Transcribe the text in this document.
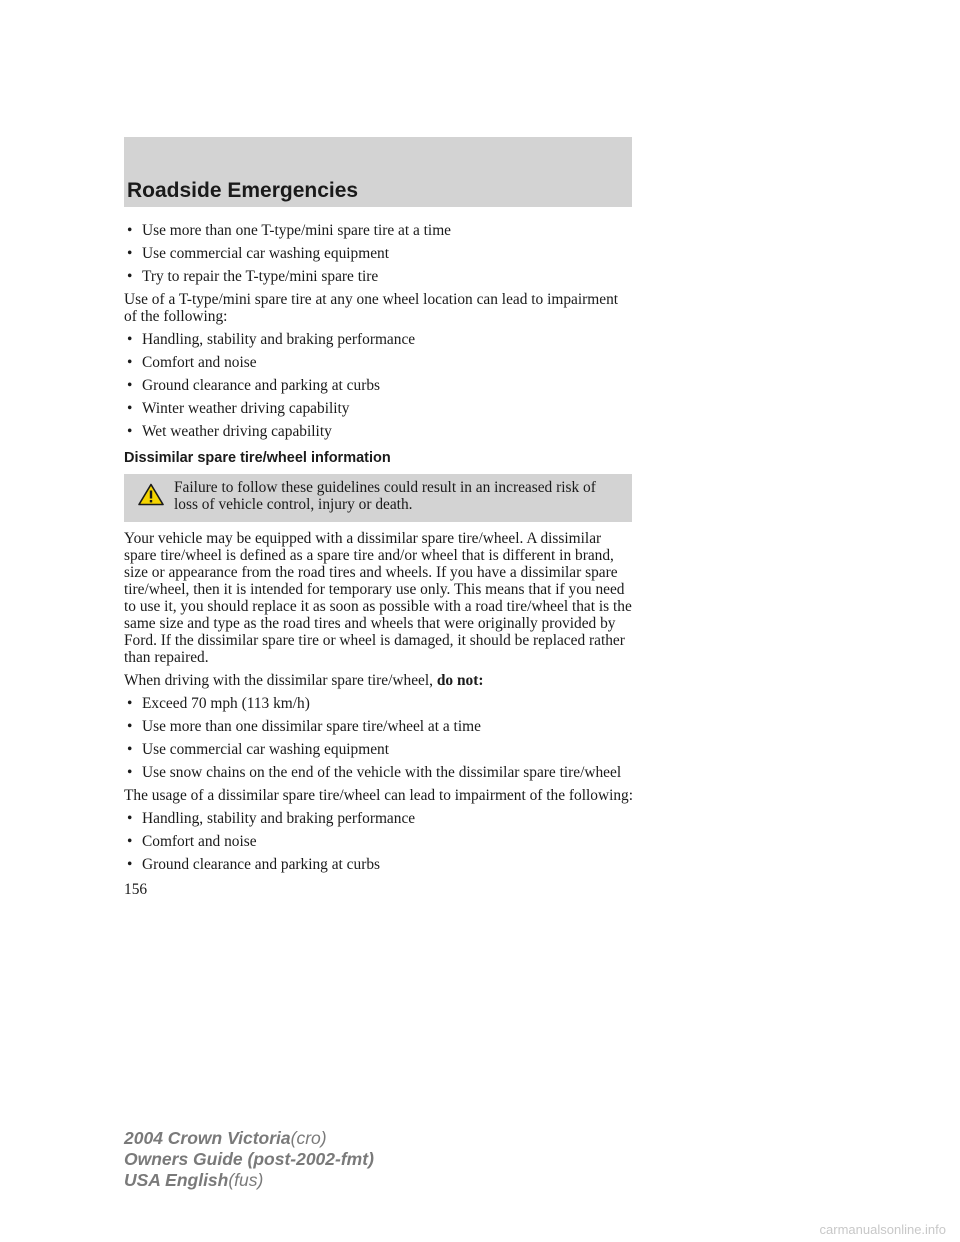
Roadside Emergencies
• Use more than one T-type/mini spare tire at a time
• Use commercial car washing equipment
• Try to repair the T-type/mini spare tire

Use of a T-type/mini spare tire at any one wheel location can lead to impairment of the following:

• Handling, stability and braking performance
• Comfort and noise
• Ground clearance and parking at curbs
• Winter weather driving capability
• Wet weather driving capability
Dissimilar spare tire/wheel information
Failure to follow these guidelines could result in an increased risk of loss of vehicle control, injury or death.

Your vehicle may be equipped with a dissimilar spare tire/wheel. A dissimilar spare tire/wheel is defined as a spare tire and/or wheel that is different in brand, size or appearance from the road tires and wheels. If you have a dissimilar spare tire/wheel, then it is intended for temporary use only. This means that if you need to use it, you should replace it as soon as possible with a road tire/wheel that is the same size and type as the road tires and wheels that were originally provided by Ford. If the dissimilar spare tire or wheel is damaged, it should be replaced rather than repaired.

When driving with the dissimilar spare tire/wheel, do not:

• Exceed 70 mph (113 km/h)
• Use more than one dissimilar spare tire/wheel at a time
• Use commercial car washing equipment
• Use snow chains on the end of the vehicle with the dissimilar spare tire/wheel

The usage of a dissimilar spare tire/wheel can lead to impairment of the following:

• Handling, stability and braking performance
• Comfort and noise
• Ground clearance and parking at curbs
156
2004 Crown Victoria(cro)
Owners Guide (post-2002-fmt)
USA English(fus)
carmanualsonline.info
